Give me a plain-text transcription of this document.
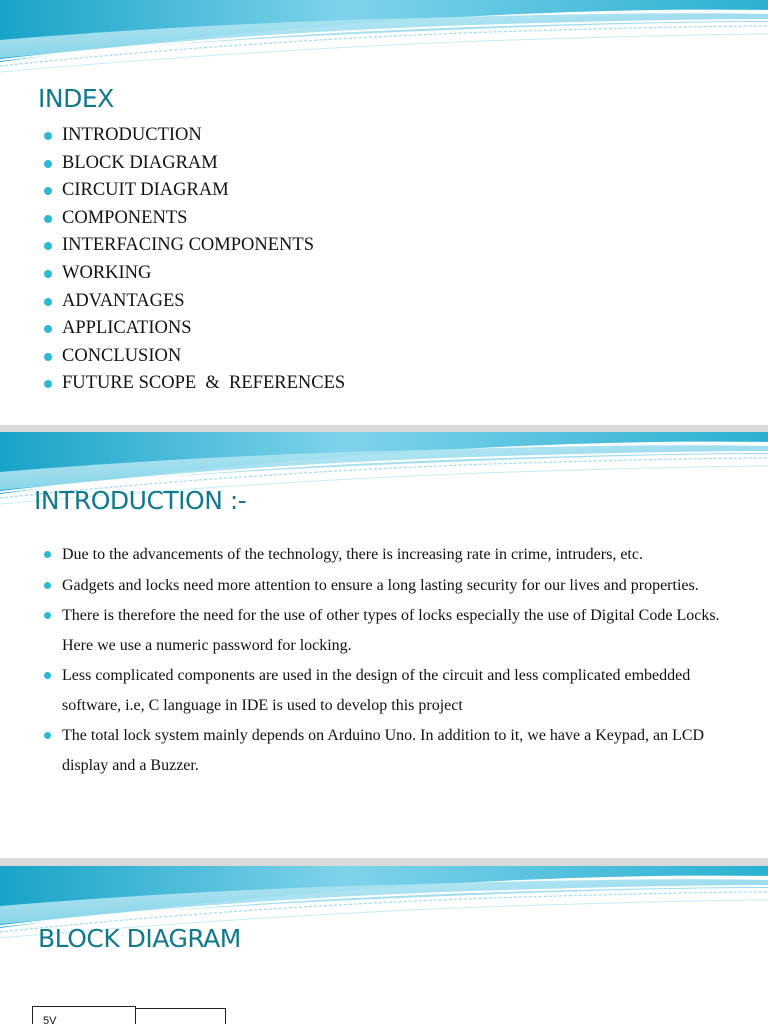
INDEX
INTRODUCTION
BLOCK DIAGRAM
CIRCUIT DIAGRAM
COMPONENTS
INTERFACING COMPONENTS
WORKING
ADVANTAGES
APPLICATIONS
CONCLUSION
FUTURE SCOPE  &  REFERENCES
INTRODUCTION :-
Due to the advancements of the technology, there is increasing rate in crime, intruders, etc.
Gadgets and locks need more attention to ensure a long lasting security for our lives and properties.
There is therefore the need for the use of other types of locks especially the use of Digital Code Locks. Here we use a numeric password for locking.
Less complicated components are used in the design of the circuit and less complicated embedded software, i.e, C language in IDE is used to develop this project
The total lock system mainly depends on Arduino Uno. In addition to it, we have a Keypad, an LCD display and a Buzzer.
BLOCK DIAGRAM
5V
